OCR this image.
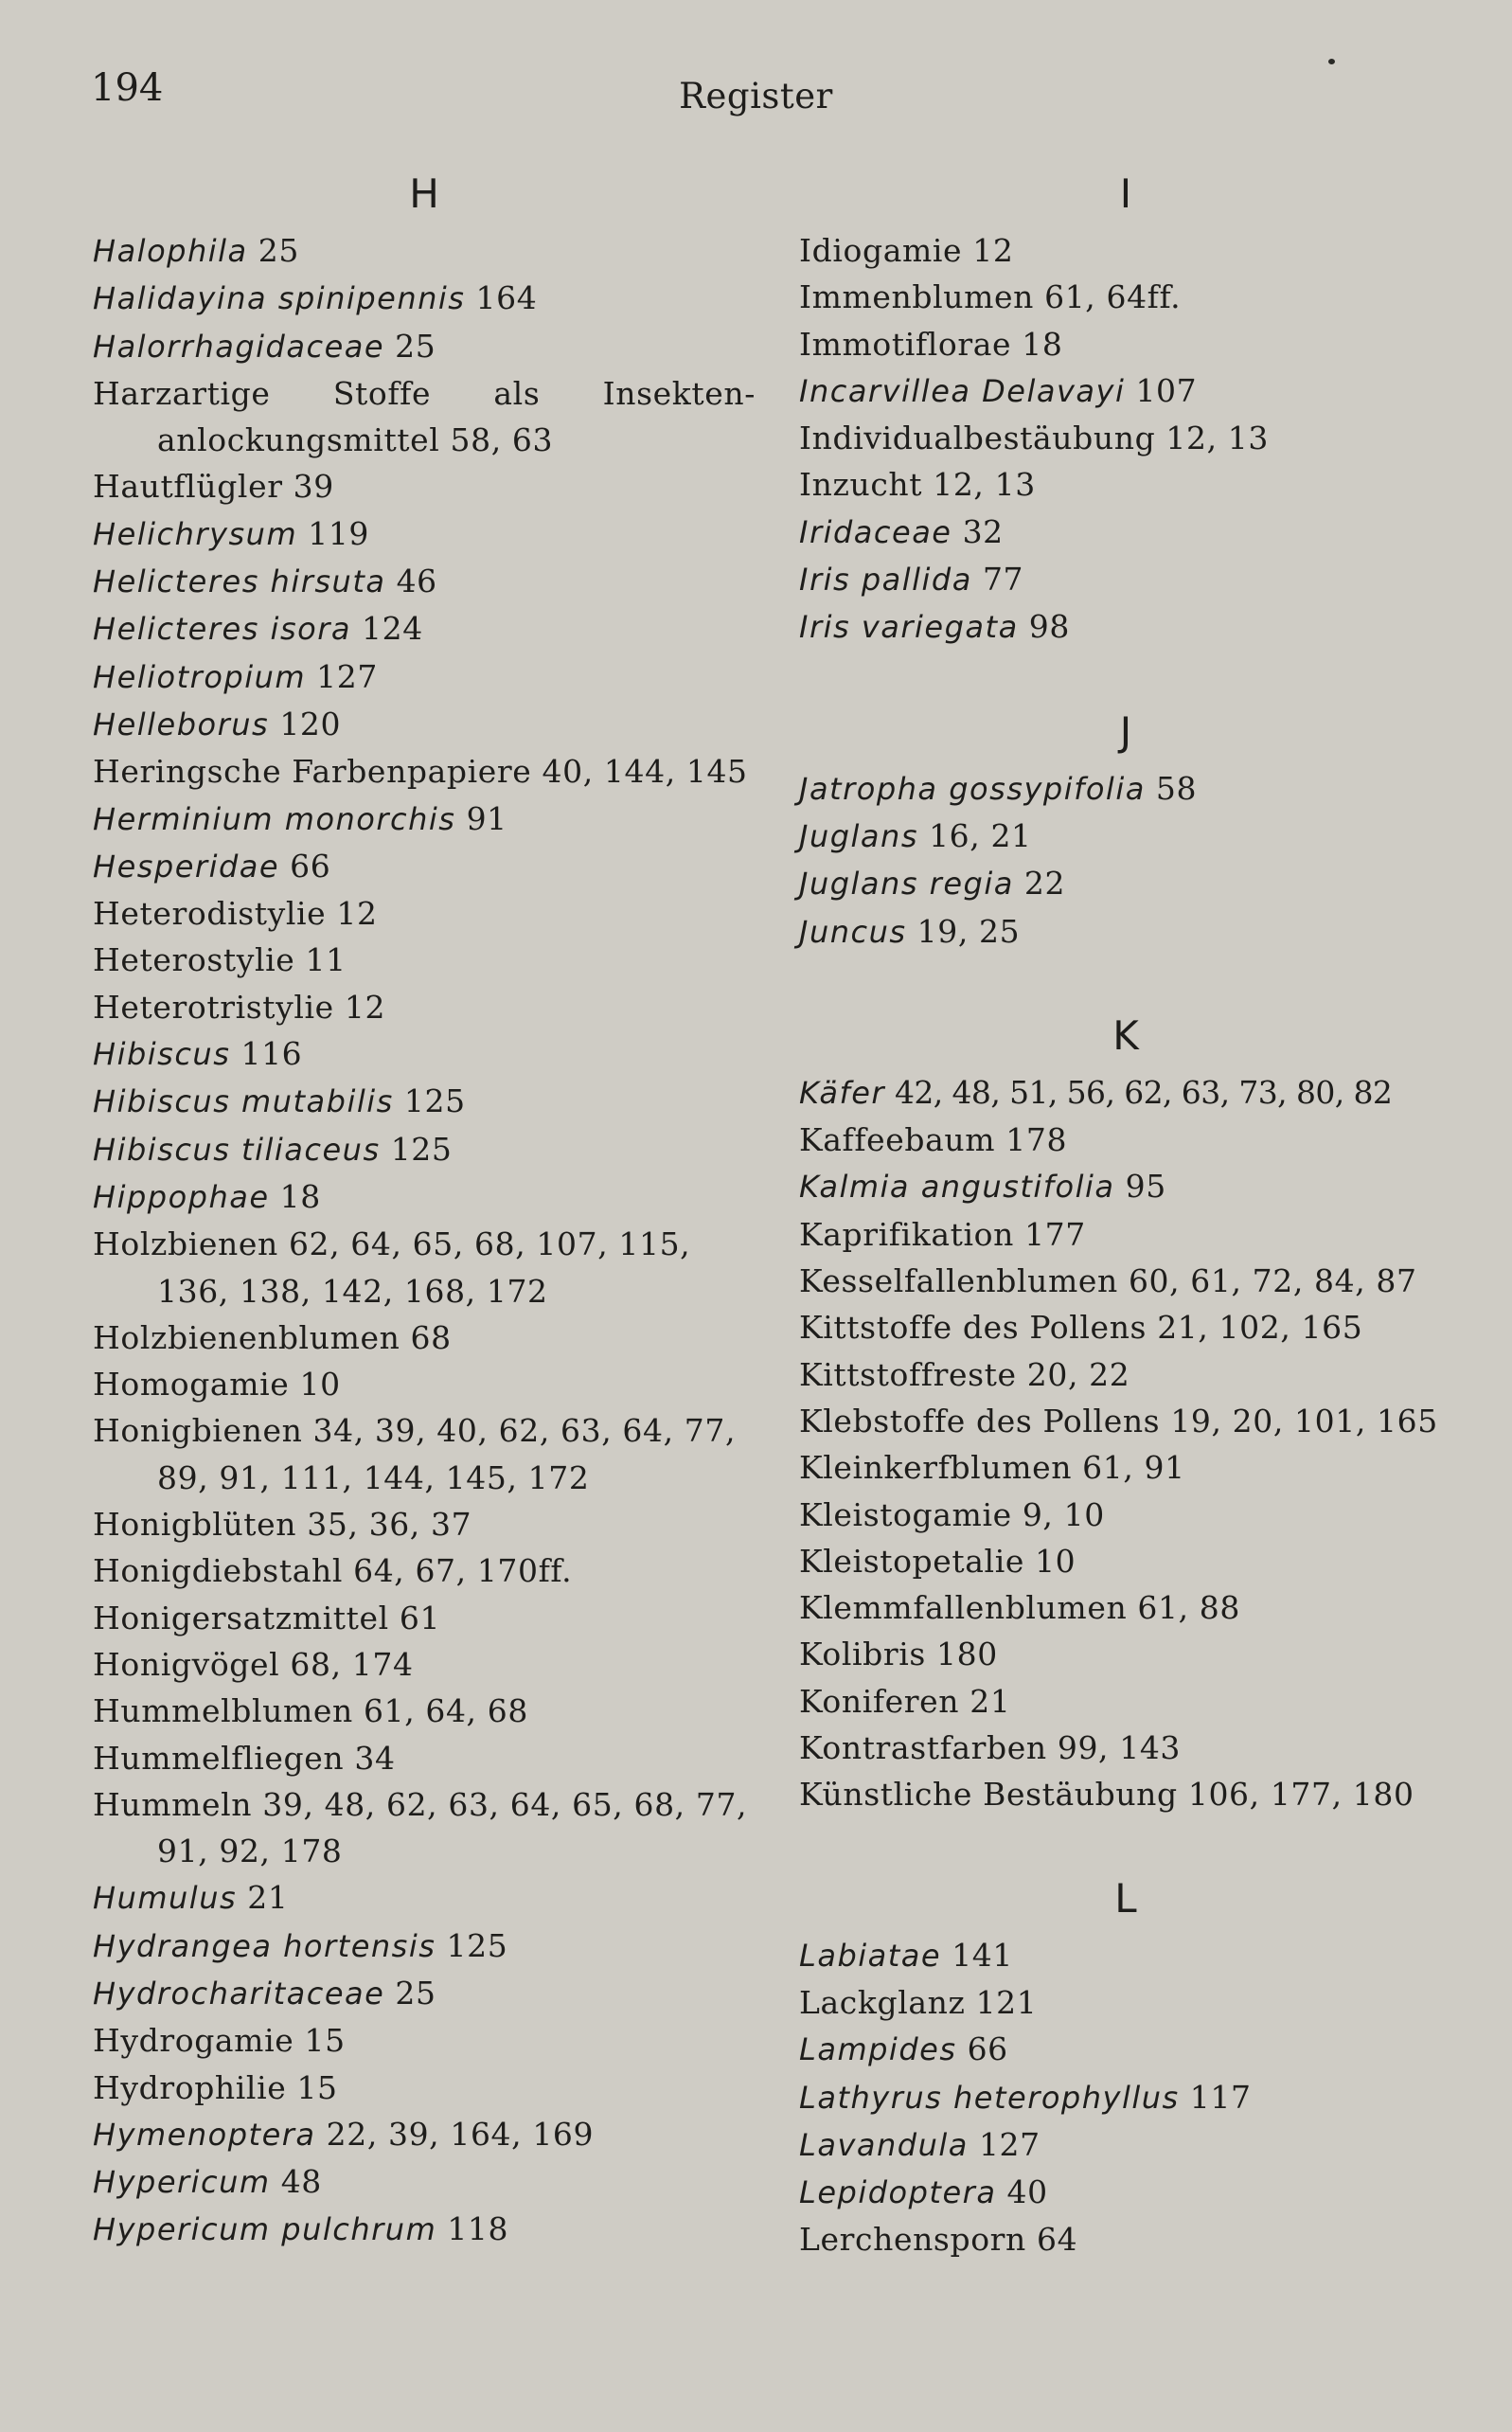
194	Register
H
Halophila 25
Halidayina spinipennis 164
Halorrhagidaceae 25
Harzartige Stoffe als Insekten-anlockungsmittel 58, 63
Hautflügler 39
Helichrysum 119
Helicteres hirsuta 46
Helicteres isora 124
Heliotropium 127
Helleborus 120
Heringsche Farbenpapiere 40, 144, 145
Herminium monorchis 91
Hesperidae 66
Heterodistylie 12
Heterostylie 11
Heterotristylie 12
Hibiscus 116
Hibiscus mutabilis 125
Hibiscus tiliaceus 125
Hippophae 18
Holzbienen 62, 64, 65, 68, 107, 115, 136, 138, 142, 168, 172
Holzbienenblumen 68
Homogamie 10
Honigbienen 34, 39, 40, 62, 63, 64, 77, 89, 91, 111, 144, 145, 172
Honigblüten 35, 36, 37
Honigdiebstahl 64, 67, 170ff.
Honigersatzmittel 61
Honigvögel 68, 174
Hummelblumen 61, 64, 68
Hummelfliegen 34
Hummeln 39, 48, 62, 63, 64, 65, 68, 77, 91, 92, 178
Humulus 21
Hydrangea hortensis 125
Hydrocharitaceae 25
Hydrogamie 15
Hydrophilie 15
Hymenoptera 22, 39, 164, 169
Hypericum 48
Hypericum pulchrum 118
I
Idiogamie 12
Immenblumen 61, 64ff.
Immotiflorae 18
Incarvillea Delavayi 107
Individualbestäubung 12, 13
Inzucht 12, 13
Iridaceae 32
Iris pallida 77
Iris variegata 98
J
Jatropha gossypifolia 58
Juglans 16, 21
Juglans regia 22
Juncus 19, 25
K
Käfer 42, 48, 51, 56, 62, 63, 73, 80, 82
Kaffeebaum 178
Kalmia angustifolia 95
Kaprifikation 177
Kesselfallenblumen 60, 61, 72, 84, 87
Kittstoffe des Pollens 21, 102, 165
Kittstoffreste 20, 22
Klebstoffe des Pollens 19, 20, 101, 165
Kleinkerfblumen 61, 91
Kleistogamie 9, 10
Kleistopetalie 10
Klemmfallenblumen 61, 88
Kolibris 180
Koniferen 21
Kontrastfarben 99, 143
Künstliche Bestäubung 106, 177, 180
L
Labiatae 141
Lackglanz 121
Lampides 66
Lathyrus heterophyllus 117
Lavandula 127
Lepidoptera 40
Lerchensporn 64
